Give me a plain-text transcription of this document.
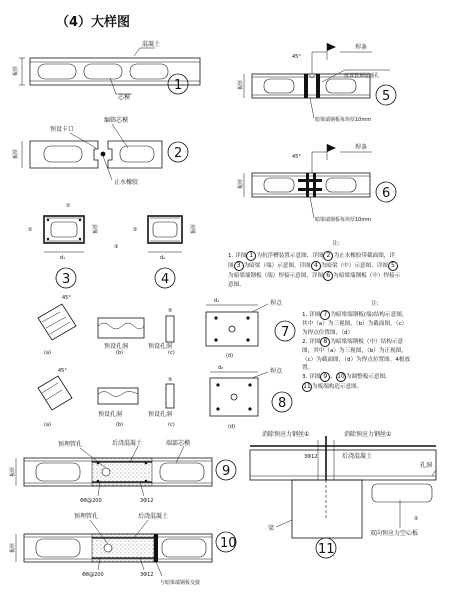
（4）大样图
板厚
混凝土
芯模
1
板厚
预设卡口
编筛芯模
止水橡胶
2
d₁
板厚
②
②
3
d₂
板厚
②
③
4
45°
焊条
放置管预留通孔
暗梁端钢板每块厚10mm
板厚
5
45°
焊条
暗梁端钢板每块厚10mm
板厚
6
45°
(a)	(b)
预设孔洞
⑤
(c)
预设孔洞
d₁	焊点
(d)
7
45°
(a)
预设孔洞
(b)
⑤
预设孔洞
(c)
d₂	焊点
(d)
8
板厚
预埋管孔	后浇混凝土	端部芯模
Φ8@200	3Φ12
9
板厚
预埋管孔	后浇混凝土
Φ8@200	3Φ12
与暗梁端钢板交接
10
消除预应力钢丝①	消除预应力钢丝①
3Φ12	后浇混凝土
孔洞
②
双向预应力空心板
梁
11

注:

1. 详图 1 为抗浮槽装置示意图，详图 2 为止水橡胶带截面图，详

图 3 为暗梁（端）示意图，详图 4 为暗梁（中）示意图，详图 5

为暗梁端钢板（端）焊接示意图，详图 6 为暗梁端钢板（中）焊接示

意图。

注:

1. 详图 7 为暗梁端钢板(端)结构示意图，

其中（a）为三视图，（b）为截面图，（c）

为焊点位置图，（d）

2. 详图 8 为暗梁端钢板（中）结构示意

图，其中（a）为三视图，（b）为正视图，

（c）为截面图，（d）为焊点位置图。4根放

置。

3. 详图 9 、10为调整板示意图。

11为板端构造示意图。
